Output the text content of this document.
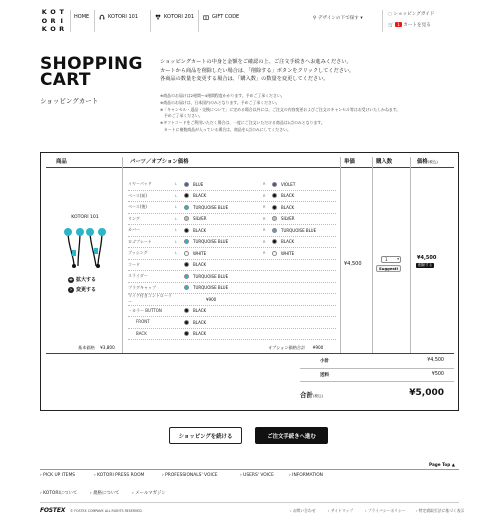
K O T
O R I
K O R
HOME	KOTORI 101	KOTORI 201	GIFT CODE	⚲ デザインの下で探す ▾
◌ ショッピングガイド
🛒 1 カートを見る
SHOPPING
CART
ショッピングカート
ショッピングカートの中身と金額をご確認の上、ご注文手続きへお進みください。
カートから商品を削除したい場合は、「削除する」ボタンをクリックしてください。
各商品の数量を変更する場合は、「購入数」の数量を変更してください。
※商品のお届けは2週間〜4週間程度かかります。予めご了承ください。
※商品のお届けは、日本国内のみとなります。予めご了承ください。
※「キャンセル・返品・交換について」に定める場合以外には、ご注文の内容変更およびご注文のキャンセル等はお受けいたしかねます。
　予めご了承ください。
※ギフトコードをご利用いただく場合は、一度にご注文いただける商品は1点のみとなります。
　カートに複数商品が入っている場合は、商品を1点のみにしてください。
商品	パーツ／オプション価格	単価	購入数	価格(税込)
KOTORI 101
+ 拡大する
› 変更する
基本価格 ¥3,800
イヤーパッド	L	BLUE	R	VIOLET
ベース(前)	L	BLACK	R	BLACK
ベース(後)	L	TURQUOISE BLUE	R	BLACK
リング	L	SILVER	R	SILVER
カバー	L	BLACK	R	TURQUOISE BLUE
ロゴプレート	L	TURQUOISE BLUE	R	BLACK
ブッシング	L	WHITE	R	WHITE
コード	BLACK
スライダー	TURQUOISE BLUE
プラグキャップ	TURQUOISE BLUE
マイク付きコントローラー	¥900
・カラー BUTTON	BLACK
　　FRONT	BLACK
　　BACK	BLACK
オプション価格合計 ¥900
¥4,500
1	▾
Suggest!
¥4,500
削除する
小計	¥4,500
送料	¥500
合計(税込)	¥5,000
ショッピングを続ける	ご注文手続きへ進む
Page Top ▲
› PICK UP ITEMS	› KOTORI PRESS ROOM	› PROFESSIONALS' VOICE	› USERS' VOICE	› INFORMATION
› KOTORIについて	› 規格について	› メールマガジン
FOSTEX © FOSTEX COMPANY. ALL RIGHTS RESERVED.	› お問い合わせ	› サイトマップ	› プライバシーポリシー	› 特定商取引法に基づく表示
